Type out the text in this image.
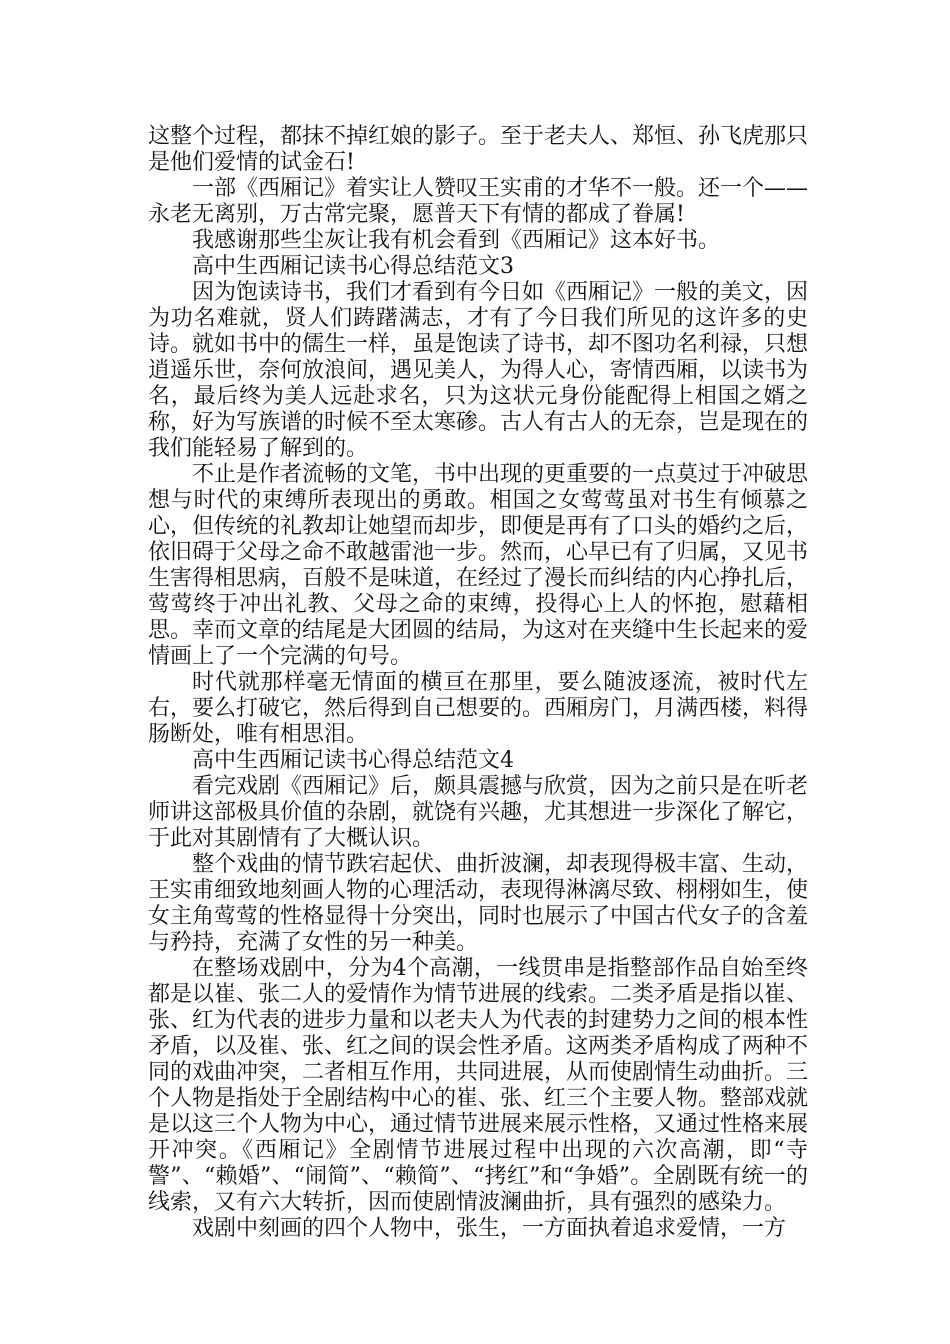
这整个过程，都抹不掉红娘的影子。至于老夫人、郑恒、孙飞虎那只是他们爱情的试金石!

一部《西厢记》着实让人赞叹王实甫的才华不一般。还一个——永老无离别，万古常完聚，愿普天下有情的都成了眷属!

我感谢那些尘灰让我有机会看到《西厢记》这本好书。

高中生西厢记读书心得总结范文3

因为饱读诗书，我们才看到有今日如《西厢记》一般的美文，因为功名难就，贤人们踌躇满志，才有了今日我们所见的这许多的史诗。就如书中的儒生一样，虽是饱读了诗书，却不图功名利禄，只想逍遥乐世，奈何放浪间，遇见美人，为得人心，寄情西厢，以读书为名，最后终为美人远赴求名，只为这状元身份能配得上相国之婿之称，好为写族谱的时候不至太寒碜。古人有古人的无奈，岂是现在的我们能轻易了解到的。

不止是作者流畅的文笔，书中出现的更重要的一点莫过于冲破思想与时代的束缚所表现出的勇敢。相国之女莺莺虽对书生有倾慕之心，但传统的礼教却让她望而却步，即便是再有了口头的婚约之后，依旧碍于父母之命不敢越雷池一步。然而，心早已有了归属，又见书生害得相思病，百般不是味道，在经过了漫长而纠结的内心挣扎后，莺莺终于冲出礼教、父母之命的束缚，投得心上人的怀抱，慰藉相思。幸而文章的结尾是大团圆的结局，为这对在夹缝中生长起来的爱情画上了一个完满的句号。

时代就那样毫无情面的横亘在那里，要么随波逐流，被时代左右，要么打破它，然后得到自己想要的。西厢房门，月满西楼，料得肠断处，唯有相思泪。

高中生西厢记读书心得总结范文4

看完戏剧《西厢记》后，颇具震撼与欣赏，因为之前只是在听老师讲这部极具价值的杂剧，就饶有兴趣，尤其想进一步深化了解它，于此对其剧情有了大概认识。

整个戏曲的情节跌宕起伏、曲折波澜，却表现得极丰富、生动，王实甫细致地刻画人物的心理活动，表现得淋漓尽致、栩栩如生，使女主角莺莺的性格显得十分突出，同时也展示了中国古代女子的含羞与矜持，充满了女性的另一种美。

在整场戏剧中，分为4个高潮，一线贯串是指整部作品自始至终都是以崔、张二人的爱情作为情节进展的线索。二类矛盾是指以崔、张、红为代表的进步力量和以老夫人为代表的封建势力之间的根本性矛盾，以及崔、张、红之间的误会性矛盾。这两类矛盾构成了两种不同的戏曲冲突，二者相互作用，共同进展，从而使剧情生动曲折。三个人物是指处于全剧结构中心的崔、张、红三个主要人物。整部戏就是以这三个人物为中心，通过情节进展来展示性格，又通过性格来展开冲突。《西厢记》全剧情节进展过程中出现的六次高潮，即“寺警”、“赖婚”、“闹简”、“赖简”、“拷红”和“争婚”。全剧既有统一的线索，又有六大转折，因而使剧情波澜曲折，具有强烈的感染力。

戏剧中刻画的四个人物中，张生，一方面执着追求爱情，一方
